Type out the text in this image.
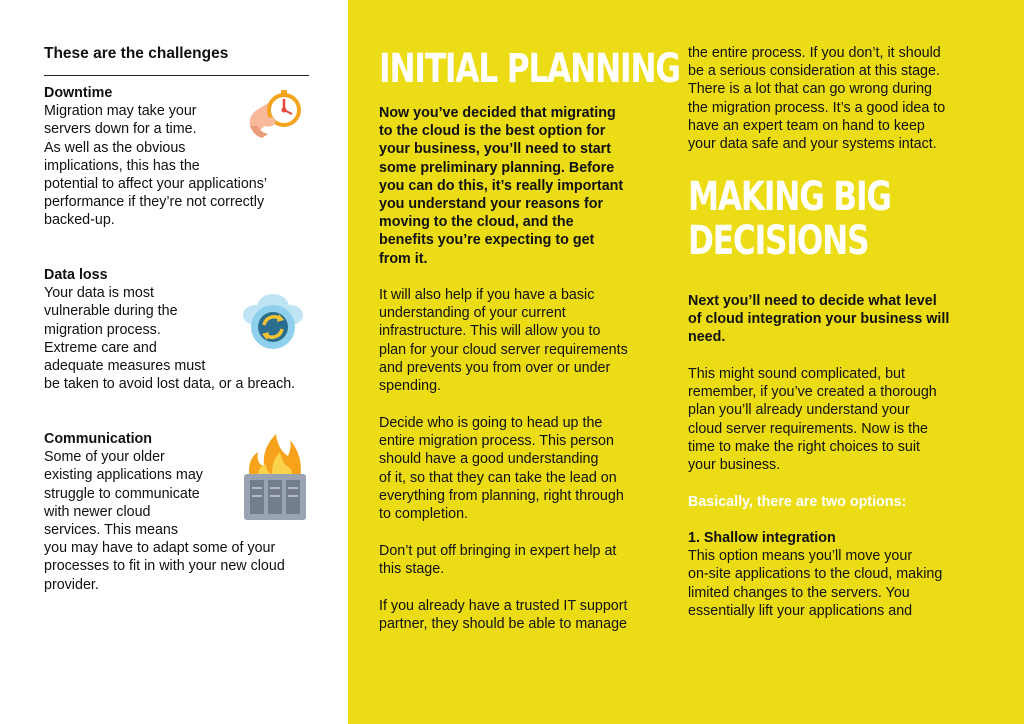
These are the challenges
Downtime
Migration may take your
servers down for a time.
As well as the obvious
implications, this has the
potential to affect your applications’
performance if they’re not correctly
backed-up.
Data loss
Your data is most
vulnerable during the
migration process.
Extreme care and
adequate measures must
be taken to avoid lost data, or a breach.
Communication
Some of your older
existing applications may
struggle to communicate
with newer cloud
services. This means
you may have to adapt some of your
processes to fit in with your new cloud
provider.
INITIAL PLANNING
Now you’ve decided that migrating
to the cloud is the best option for
your business, you’ll need to start
some preliminary planning. Before
you can do this, it’s really important
you understand your reasons for
moving to the cloud, and the
benefits you’re expecting to get
from it.
It will also help if you have a basic
understanding of your current
infrastructure. This will allow you to
plan for your cloud server requirements
and prevents you from over or under
spending.
Decide who is going to head up the
entire migration process. This person
should have a good understanding
of it, so that they can take the lead on
everything from planning, right through
to completion.
Don’t put off bringing in expert help at
this stage.
If you already have a trusted IT support
partner, they should be able to manage
the entire process. If you don’t, it should
be a serious consideration at this stage.
There is a lot that can go wrong during
the migration process. It’s a good idea to
have an expert team on hand to keep
your data safe and your systems intact.
MAKING BIG
DECISIONS
Next you’ll need to decide what level
of cloud integration your business will
need.
This might sound complicated, but
remember, if you’ve created a thorough
plan you’ll already understand your
cloud server requirements. Now is the
time to make the right choices to suit
your business.
Basically, there are two options:
1. Shallow integration
This option means you’ll move your
on-site applications to the cloud, making
limited changes to the servers. You
essentially lift your applications and
